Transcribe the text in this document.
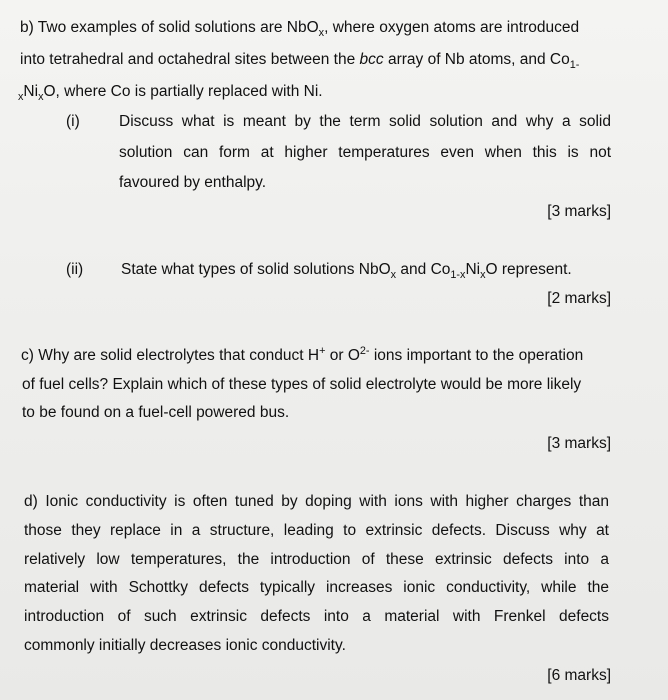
b) Two examples of solid solutions are NbO$_x$, where oxygen atoms are introduced
into tetrahedral and octahedral sites between the bcc array of Nb atoms, and $Co_{1-}$
$_xNi_xO$, where Co is partially replaced with Ni.
(i)	Discuss what is meant by the term solid solution and why a solid
solution can form at higher temperatures even when this is not
favoured by enthalpy.
[3 marks]
(ii) State what types of solid solutions NbO$_x$ and $Co_{1-x}Ni_xO$ represent.
[2 marks]
c) Why are solid electrolytes that conduct H+ or $O^{2-}$ ions important to the operation
of fuel cells? Explain which of these types of solid electrolyte would be more likely
to be found on a fuel-cell powered bus.
[3 marks]
d) Ionic conductivity is often tuned by doping with ions with higher charges than
those they replace in a structure, leading to extrinsic defects. Discuss why at
relatively low temperatures, the introduction of these extrinsic defects into a
material with Schottky defects typically increases ionic conductivity, while the
introduction of such extrinsic defects into a material with Frenkel defects
commonly initially decreases ionic conductivity.
[6 marks]
